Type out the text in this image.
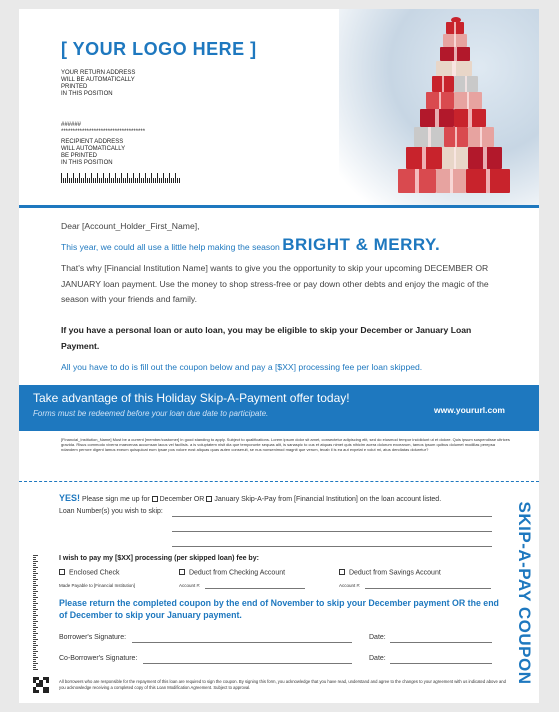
[ YOUR LOGO HERE ]
YOUR RETURN ADDRESS
WILL BE AUTOMATICALLY
PRINTED
IN THIS POSITION
######
************************************
RECIPIENT ADDRESS
WILL AUTOMATICALLY
BE PRINTED
IN THIS POSITION
Dear [Account_Holder_First_Name],
This year, we could all use a little help making the season BRIGHT & MERRY.
That's why [Financial Institution Name] wants to give you the opportunity to skip your upcoming DECEMBER OR JANUARY loan payment. Use the money to shop stress-free or pay down other debts and enjoy the magic of the season with your friends and family.
If you have a personal loan or auto loan, you may be eligible to skip your December or January Loan Payment.
All you have to do is fill out the coupon below and pay a [$XX] processing fee per loan skipped.
Take advantage of this Holiday Skip-A-Payment offer today!
Forms must be redeemed before your loan due date to participate.	www.yoururl.com
[Financial_Institution_Name] Must be a current [member/customer] in good standing to apply. Subject to qualifications. Lorem ipsum dolor sit amet, consectetur adipiscing elit, sed do eiusmod tempor incididunt ut et dolore. Quis ipsum suspendisse ultrices gravida. Risus commodo viverra maecenas accumsan lacus vel facilisis. a is voluptatem nisit dia que temporunte sequas alit, is sanaspic to cus et atquas nimet quis nihicim acera dolorum excearum, tamos ipsum quibus dolumet modillas perepsa ndandem perrore digent lamus exeum quisquicat eum ipsae pos volore eost aliquas quas auten conseruit, se nus nonsenimod magnit que verum, tecab il is ea aut expelat e volut mi, atus dendiatas doluretur?
YES! Please sign me up for December OR January Skip-A-Pay from [Financial Institution] on the loan account listed.
Loan Number(s) you wish to skip:
I wish to pay my [$XX] processing (per skipped loan) fee by:
Enclosed Check	Deduct from Checking Account	Deduct from Savings Account
Made Payable to [Financial Institution]	Account #:	Account #:
Please return the completed coupon by the end of November to skip your December payment OR the end of December to skip your January payment.
Borrower's Signature:	Date:
Co-Borrower's Signature:	Date:
All borrowers who are responsible for the repayment of this loan are required to sign the coupon. By signing this form, you acknowledge that you have read, understand and agree to the changes to your agreement with us indicated above and you acknowledge receiving a completed copy of this Loan Modification Agreement. Subject to approval.
SKIP-A-PAY COUPON
